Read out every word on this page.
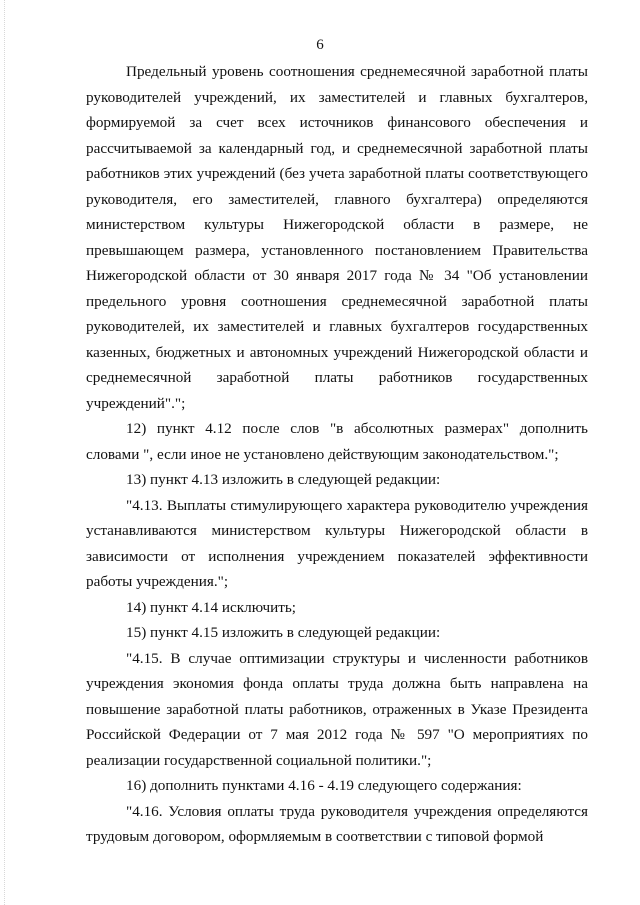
6

Предельный уровень соотношения среднемесячной заработной платы руководителей учреждений, их заместителей и главных бухгалтеров, формируемой за счет всех источников финансового обеспечения и рассчитываемой за календарный год, и среднемесячной заработной платы работников этих учреждений (без учета заработной платы соответствующего руководителя, его заместителей, главного бухгалтера) определяются министерством культуры Нижегородской области в размере, не превышающем размера, установленного постановлением Правительства Нижегородской области от 30 января 2017 года № 34 "Об установлении предельного уровня соотношения среднемесячной заработной платы руководителей, их заместителей и главных бухгалтеров государственных казенных, бюджетных и автономных учреждений Нижегородской области и среднемесячной заработной платы работников государственных учреждений".";

12) пункт 4.12 после слов "в абсолютных размерах" дополнить словами ", если иное не установлено действующим законодательством.";

13) пункт 4.13 изложить в следующей редакции:

"4.13. Выплаты стимулирующего характера руководителю учреждения устанавливаются министерством культуры Нижегородской области в зависимости от исполнения учреждением показателей эффективности работы учреждения.";

14) пункт 4.14 исключить;

15) пункт 4.15 изложить в следующей редакции:

"4.15. В случае оптимизации структуры и численности работников учреждения экономия фонда оплаты труда должна быть направлена на повышение заработной платы работников, отраженных в Указе Президента Российской Федерации от 7 мая 2012 года № 597 "О мероприятиях по реализации государственной социальной политики.";

16) дополнить пунктами 4.16 - 4.19 следующего содержания:

"4.16. Условия оплаты труда руководителя учреждения определяются трудовым договором, оформляемым в соответствии с типовой формой
